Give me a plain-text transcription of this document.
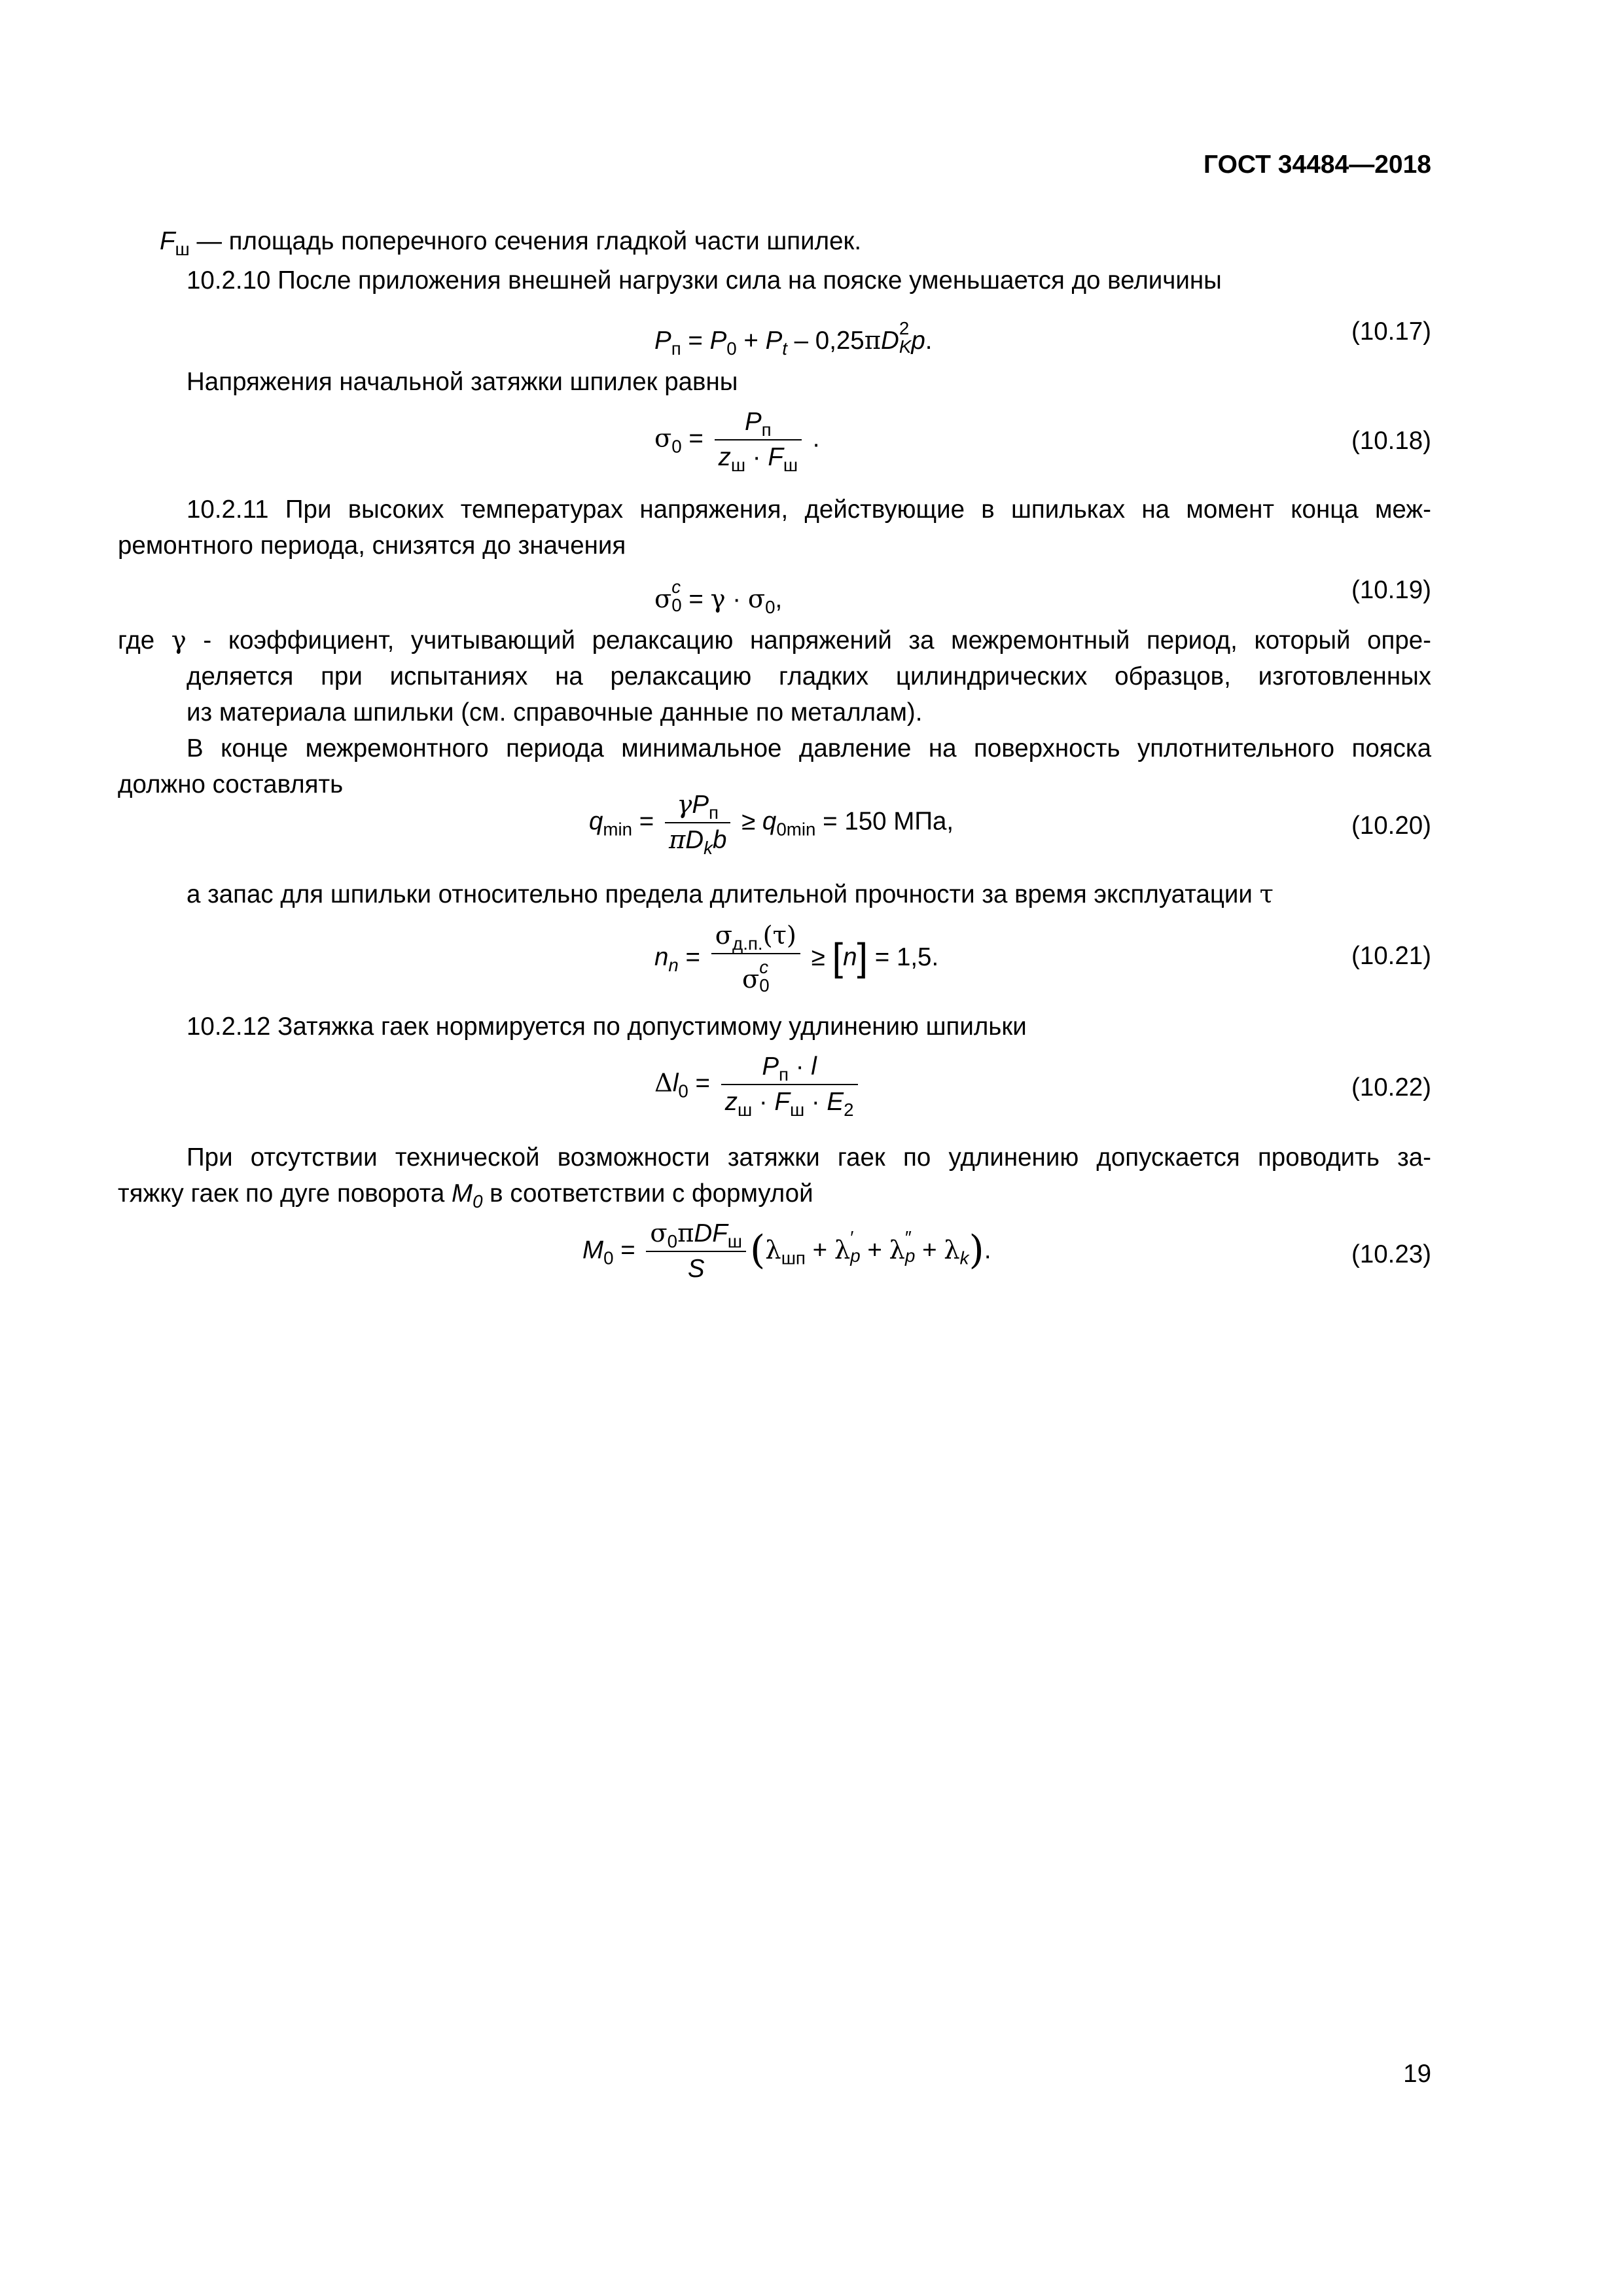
ГОСТ 34484—2018
$F_ш$ — площадь поперечного сечения гладкой части шпилек.
10.2.10 После приложения внешней нагрузки сила на пояске уменьшается до величины
$P_п = P_0 + P_t - 0,25\pi D$ 2
Kp.	(10.17)
Напряжения начальной затяжки шпилек равны
$\sigma_0 = \frac{P_п}{z_ш \cdot F_ш}$ .	(10.18)
10.2.11 При высоких температурах напряжения, действующие в шпильках на момент конца меж-
ремонтного периода, снизятся до значения
σc
$0 = \gamma \cdot \sigma_0$,	(10.19)
где γ - коэффициент, учитывающий релаксацию напряжений за межремонтный период, который опре-
деляется при испытаниях на релаксацию гладких цилиндрических образцов, изготовленных
из материала шпильки (см. справочные данные по металлам).
В конце межремонтного периода минимальное давление на поверхность уплотнительного пояска
должно составлять
$q_{min} = \frac{\gamma P_п}{\pi D_kb} \ge q_{0min} = 150$ МПа,	(10.20)
а запас для шпильки относительно предела длительной прочности за время эксплуатации τ
$n_n = \sigma_{д.п.}(\tau)$
σc
0 ≥ [n] = 1,5.	(10.21)
10.2.12 Затяжка гаек нормируется по допустимому удлинению шпильки
$\Delta l_0 = \frac{P_п \cdot l}{z_ш \cdot F_ш \cdot E_2}$	(10.22)
При отсутствии технической возможности затяжки гаек по удлинению допускается проводить за-
тяжку гаек по дуге поворота $M_0$ в соответствии с формулой
$M_0 = \frac{\sigma_0\pi DF_ш}{S} (\lambda_{шп} + \lambda$ ′
p + λ ″
$p + \lambda_k$).	(10.23)
19
